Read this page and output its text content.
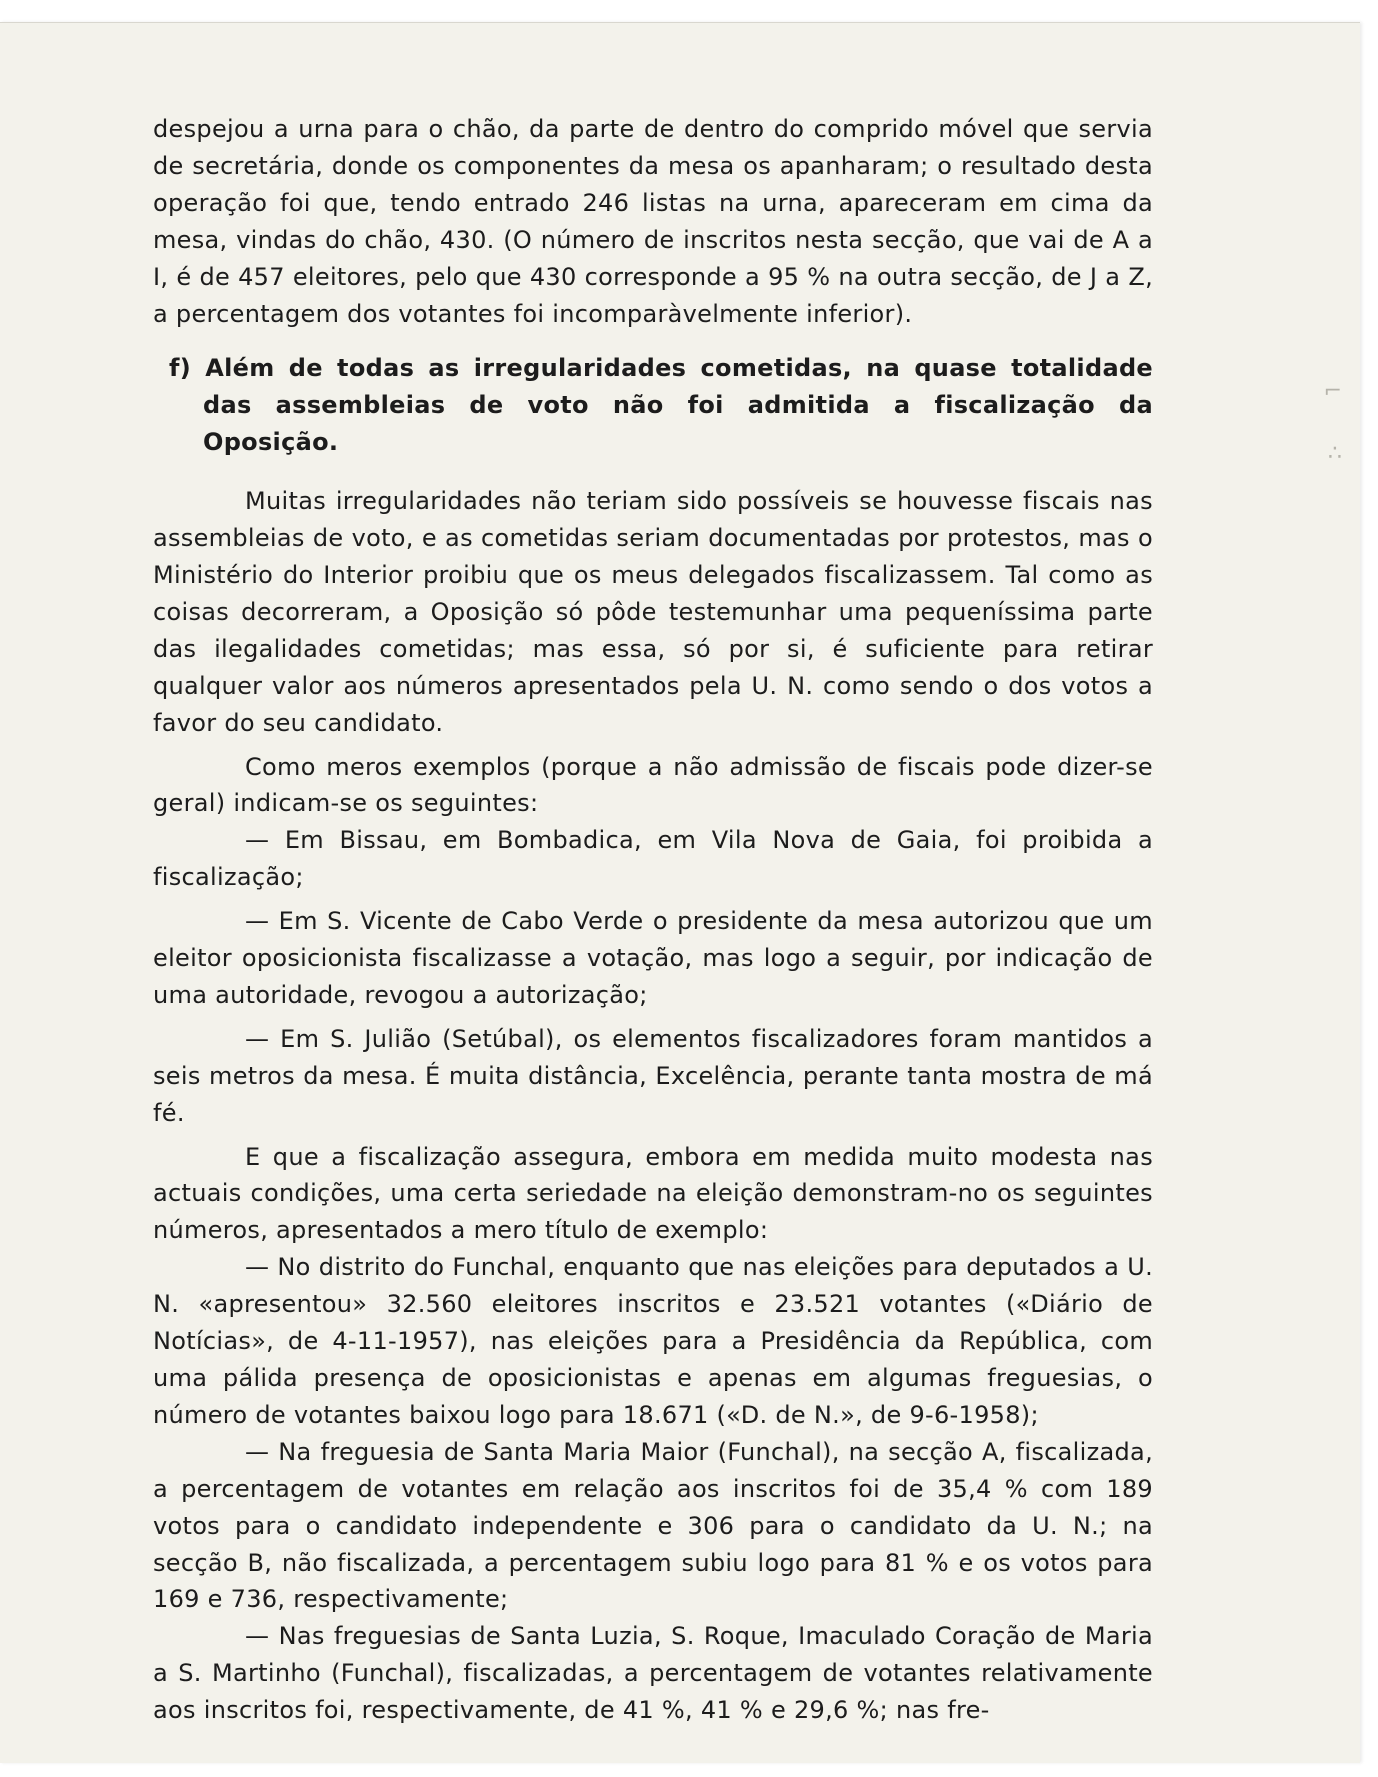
despejou a urna para o chão, da parte de dentro do comprido móvel que servia de secretária, donde os componentes da mesa os apanharam; o resultado desta operação foi que, tendo entrado 246 listas na urna, apareceram em cima da mesa, vindas do chão, 430. (O número de inscritos nesta secção, que vai de A a I, é de 457 eleitores, pelo que 430 corresponde a 95 % na outra secção, de J a Z, a percentagem dos votantes foi incomparàvelmente inferior).

f) Além de todas as irregularidades cometidas, na quase totalidade das assembleias de voto não foi admitida a fiscalização da Oposição.

Muitas irregularidades não teriam sido possíveis se houvesse fiscais nas assembleias de voto, e as cometidas seriam documentadas por protestos, mas o Ministério do Interior proibiu que os meus delegados fiscalizassem. Tal como as coisas decorreram, a Oposição só pôde testemunhar uma pequeníssima parte das ilegalidades cometidas; mas essa, só por si, é suficiente para retirar qualquer valor aos números apresentados pela U. N. como sendo o dos votos a favor do seu candidato.

Como meros exemplos (porque a não admissão de fiscais pode dizer-se geral) indicam-se os seguintes:

— Em Bissau, em Bombadica, em Vila Nova de Gaia, foi proibida a fiscalização;

— Em S. Vicente de Cabo Verde o presidente da mesa autorizou que um eleitor oposicionista fiscalizasse a votação, mas logo a seguir, por indicação de uma autoridade, revogou a autorização;

— Em S. Julião (Setúbal), os elementos fiscalizadores foram mantidos a seis metros da mesa. É muita distância, Excelência, perante tanta mostra de má fé.

E que a fiscalização assegura, embora em medida muito modesta nas actuais condições, uma certa seriedade na eleição demonstram-no os seguintes números, apresentados a mero título de exemplo:

— No distrito do Funchal, enquanto que nas eleições para deputados a U. N. «apresentou» 32.560 eleitores inscritos e 23.521 votantes («Diário de Notícias», de 4-11-1957), nas eleições para a Presidência da República, com uma pálida presença de oposicionistas e apenas em algumas freguesias, o número de votantes baixou logo para 18.671 («D. de N.», de 9-6-1958);

— Na freguesia de Santa Maria Maior (Funchal), na secção A, fiscalizada, a percentagem de votantes em relação aos inscritos foi de 35,4 % com 189 votos para o candidato independente e 306 para o candidato da U. N.; na secção B, não fiscalizada, a percentagem subiu logo para 81 % e os votos para 169 e 736, respectivamente;

— Nas freguesias de Santa Luzia, S. Roque, Imaculado Coração de Maria a S. Martinho (Funchal), fiscalizadas, a percentagem de votantes relativamente aos inscritos foi, respectivamente, de 41 %, 41 % e 29,6 %; nas fre-

⌐
∴
